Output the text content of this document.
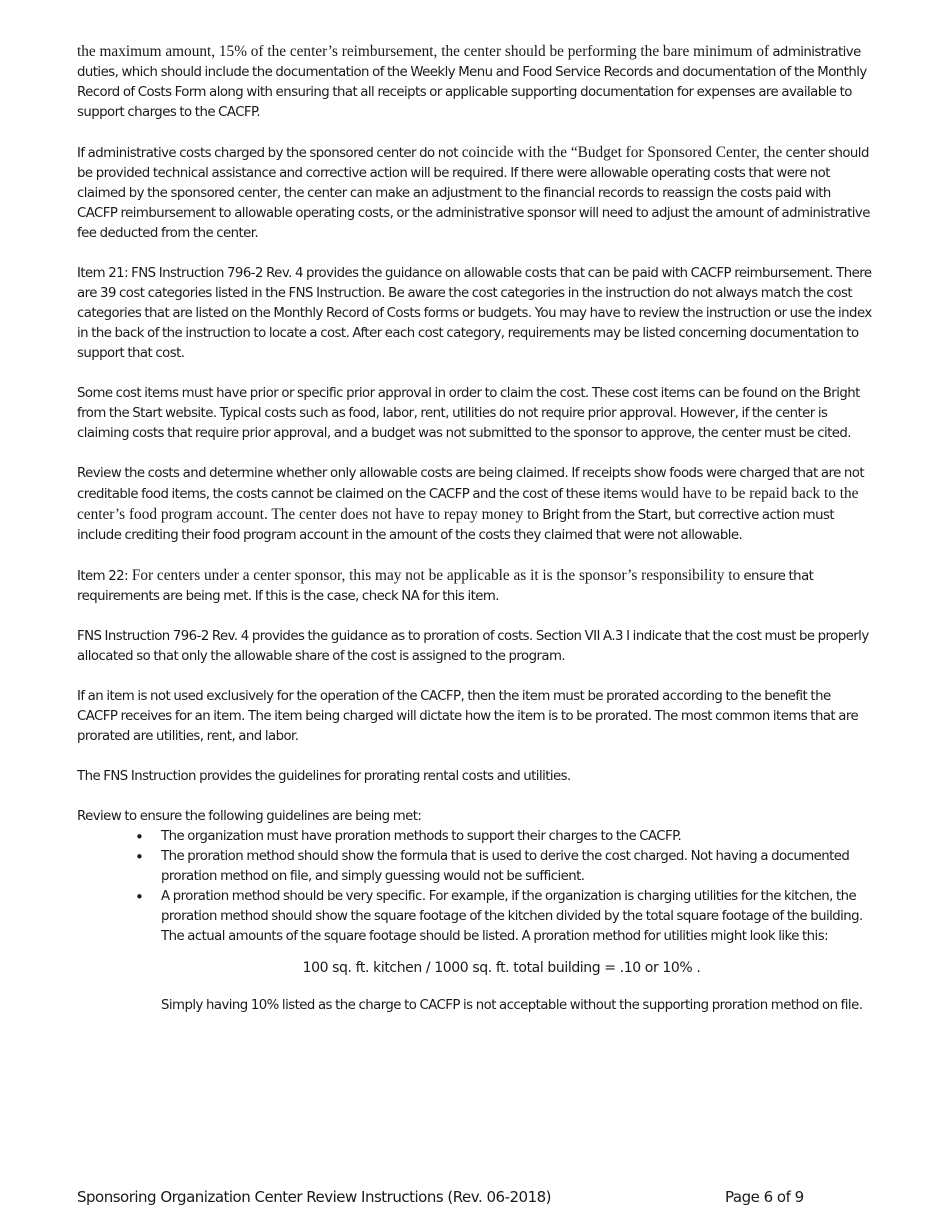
the maximum amount, 15% of the center’s reimbursement, the center should be performing the bare minimum of administrative duties, which should include the documentation of the Weekly Menu and Food Service Records and documentation of the Monthly Record of Costs Form along with ensuring that all receipts or applicable supporting documentation for expenses are available to support charges to the CACFP.

If administrative costs charged by the sponsored center do not coincide with the “Budget for Sponsored Center, the center should be provided technical assistance and corrective action will be required. If there were allowable operating costs that were not claimed by the sponsored center, the center can make an adjustment to the financial records to reassign the costs paid with CACFP reimbursement to allowable operating costs, or the administrative sponsor will need to adjust the amount of administrative fee deducted from the center.

Item 21: FNS Instruction 796-2 Rev. 4 provides the guidance on allowable costs that can be paid with CACFP reimbursement. There are 39 cost categories listed in the FNS Instruction. Be aware the cost categories in the instruction do not always match the cost categories that are listed on the Monthly Record of Costs forms or budgets. You may have to review the instruction or use the index in the back of the instruction to locate a cost. After each cost category, requirements may be listed concerning documentation to support that cost.

Some cost items must have prior or specific prior approval in order to claim the cost. These cost items can be found on the Bright from the Start website. Typical costs such as food, labor, rent, utilities do not require prior approval. However, if the center is claiming costs that require prior approval, and a budget was not submitted to the sponsor to approve, the center must be cited.

Review the costs and determine whether only allowable costs are being claimed. If receipts show foods were charged that are not creditable food items, the costs cannot be claimed on the CACFP and the cost of these items would have to be repaid back to the center’s food program account. The center does not have to repay money to Bright from the Start, but corrective action must include crediting their food program account in the amount of the costs they claimed that were not allowable.

Item 22: For centers under a center sponsor, this may not be applicable as it is the sponsor’s responsibility to ensure that requirements are being met. If this is the case, check NA for this item.

FNS Instruction 796-2 Rev. 4 provides the guidance as to proration of costs. Section VII A.3 I indicate that the cost must be properly allocated so that only the allowable share of the cost is assigned to the program.

If an item is not used exclusively for the operation of the CACFP, then the item must be prorated according to the benefit the CACFP receives for an item. The item being charged will dictate how the item is to be prorated. The most common items that are prorated are utilities, rent, and labor.

The FNS Instruction provides the guidelines for prorating rental costs and utilities.

Review to ensure the following guidelines are being met:

• The organization must have proration methods to support their charges to the CACFP.
• The proration method should show the formula that is used to derive the cost charged. Not having a documented proration method on file, and simply guessing would not be sufficient.
• A proration method should be very specific. For example, if the organization is charging utilities for the kitchen, the proration method should show the square footage of the kitchen divided by the total square footage of the building. The actual amounts of the square footage should be listed. A proration method for utilities might look like this:
100 sq. ft. kitchen / 1000 sq. ft. total building = .10 or 10% .
Simply having 10% listed as the charge to CACFP is not acceptable without the supporting proration method on file.
Sponsoring Organization Center Review Instructions (Rev. 06-2018)	Page 6 of 9
